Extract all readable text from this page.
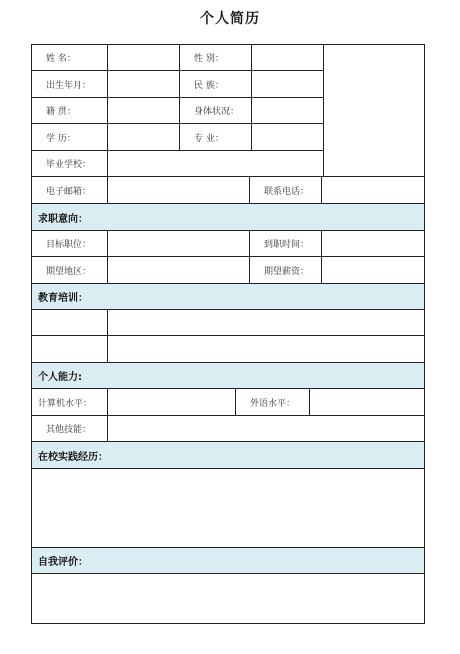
个人简历
姓 名：	性 别：
出生年月：	民 族：
籍 贯：	身体状况：
学 历：	专 业：
毕业学校：
电子邮箱：	联系电话：
求职意向：
目标职位：	到职时间：
期望地区：	期望薪资：
教育培训：
个人能力:
计算机水平：	外语水平：
其他技能：
在校实践经历：
自我评价：
